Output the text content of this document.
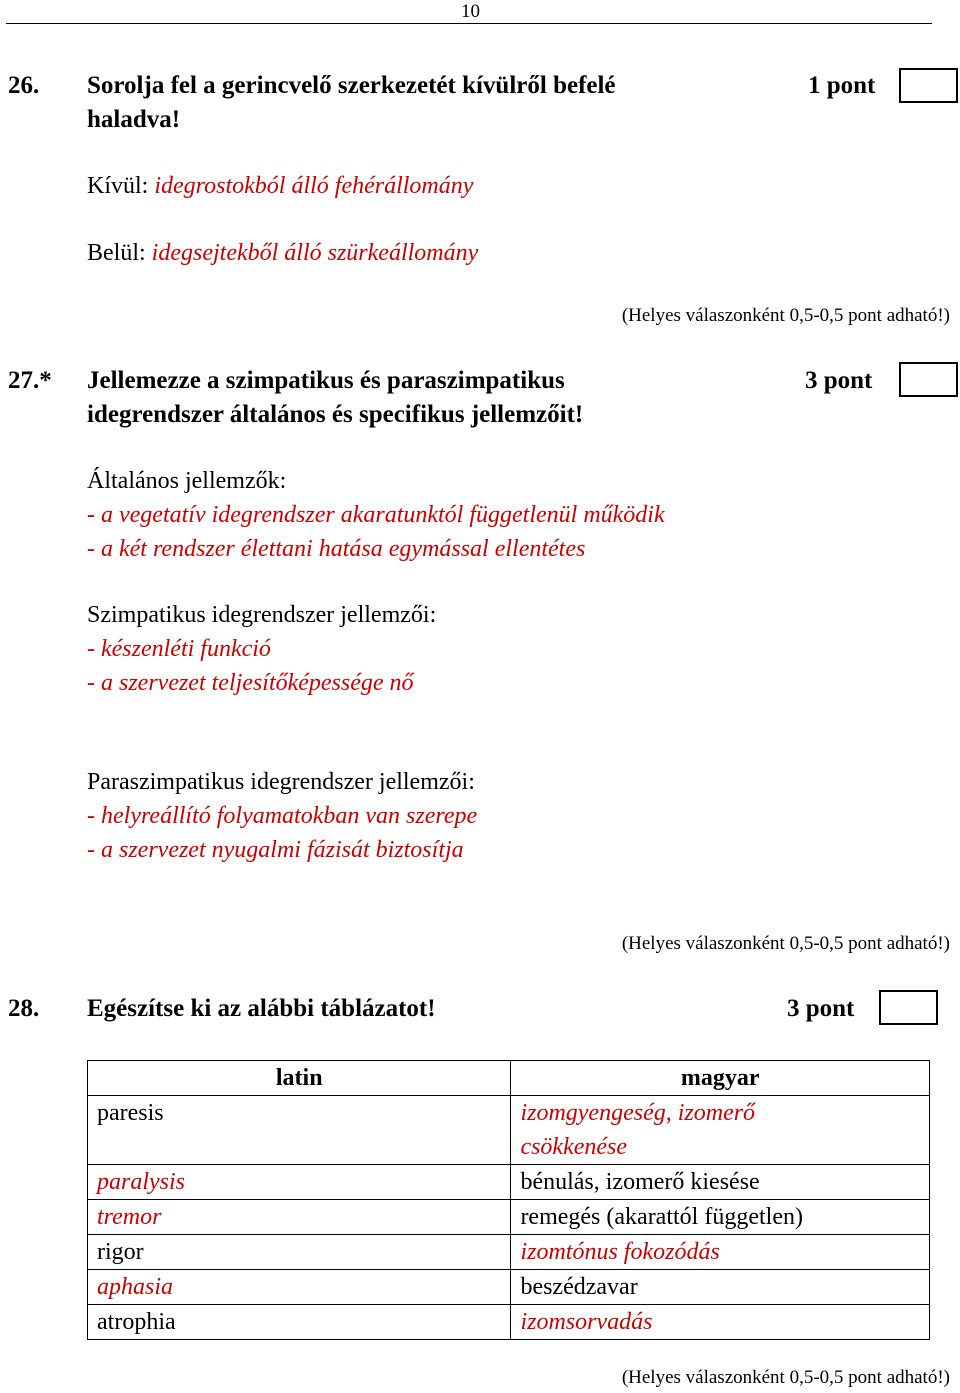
10
26. Sorolja fel a gerincvelő szerkezetét kívülről befelé
haladva!
1 pont
Kívül: idegrostokból álló fehérállomány
Belül: idegsejtekből álló szürkeállomány
(Helyes válaszonként 0,5-0,5 pont adható!)
27.* Jellemezze a szimpatikus és paraszimpatikus
idegrendszer általános és specifikus jellemzőit!
3 pont
Általános jellemzők:
- a vegetatív idegrendszer akaratunktól függetlenül működik
- a két rendszer élettani hatása egymással ellentétes
Szimpatikus idegrendszer jellemzői:
- készenléti funkció
- a szervezet teljesítőképessége nő
Paraszimpatikus idegrendszer jellemzői:
- helyreállító folyamatokban van szerepe
- a szervezet nyugalmi fázisát biztosítja
(Helyes válaszonként 0,5-0,5 pont adható!)
28. Egészítse ki az alábbi táblázatot!	3 pont
latin	magyar
paresis	izomgyengeség, izomerő
csökkenése

paralysis	bénulás, izomerő kiesése
tremor	remegés (akarattól független)
rigor	izomtónus fokozódás
aphasia	beszédzavar
atrophia	izomsorvadás
(Helyes válaszonként 0,5-0,5 pont adható!)
